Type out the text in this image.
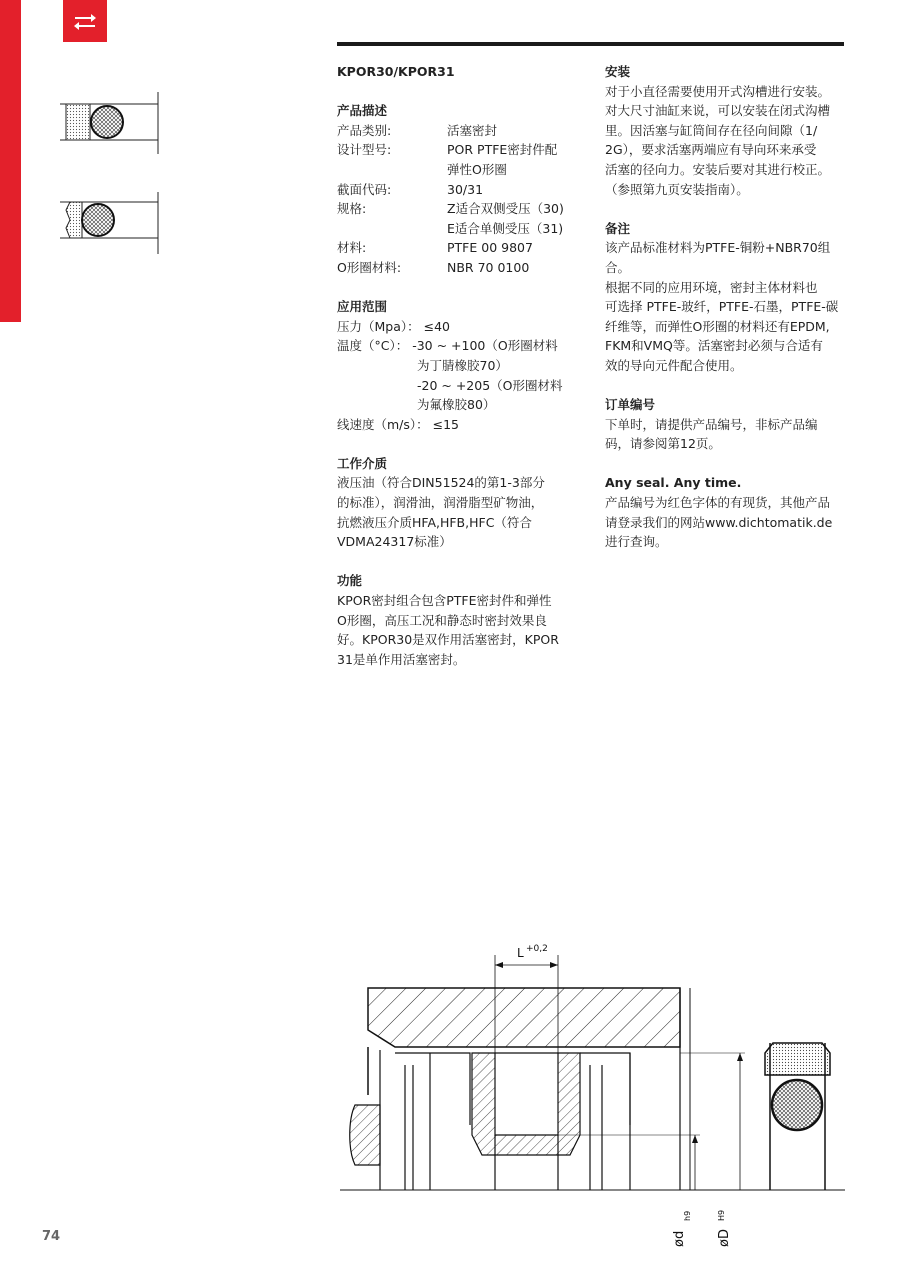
KPOR30/KPOR31
产品描述
产品类别:	活塞密封
设计型号:	POR PTFE密封件配
弹性O形圈
截面代码:	30/31
规格:	Z适合双侧受压（30)
E适合单侧受压（31)
材料:	PTFE 00 9807
O形圈材料:	NBR 70 0100
应用范围
压力（Mpa）： ≤40
温度（°C）： -30 ~ +100（O形圈材料
为丁腈橡胶70）
-20 ~ +205（O形圈材料
为氟橡胶80）
线速度（m/s）： ≤15
工作介质
液压油（符合DIN51524的第1-3部分
的标准），润滑油，润滑脂型矿物油，
抗燃液压介质HFA,HFB,HFC（符合
VDMA24317标准）
功能
KPOR密封组合包含PTFE密封件和弹性
O形圈，高压工况和静态时密封效果良
好。KPOR30是双作用活塞密封，KPOR
31是单作用活塞密封。
安装
对于小直径需要使用开式沟槽进行安装。
对大尺寸油缸来说，可以安装在闭式沟槽
里。因活塞与缸筒间存在径向间隙（1/
2G），要求活塞两端应有导向环来承受
活塞的径向力。安装后要对其进行校正。
（参照第九页安装指南）。
备注
该产品标准材料为PTFE-铜粉+NBR70组合。
根据不同的应用环境，密封主体材料也
可选择 PTFE-玻纤，PTFE-石墨，PTFE-碳
纤维等，而弹性O形圈的材料还有EPDM,
FKM和VMQ等。活塞密封必须与合适有
效的导向元件配合使用。
订单编号
下单时，请提供产品编号，非标产品编
码，请参阅第12页。
Any seal. Any time.
产品编号为红色字体的有现货，其他产品
请登录我们的网站www.dichtomatik.de
进行查询。
L +0,2
ød
h9
øD
H9
74
